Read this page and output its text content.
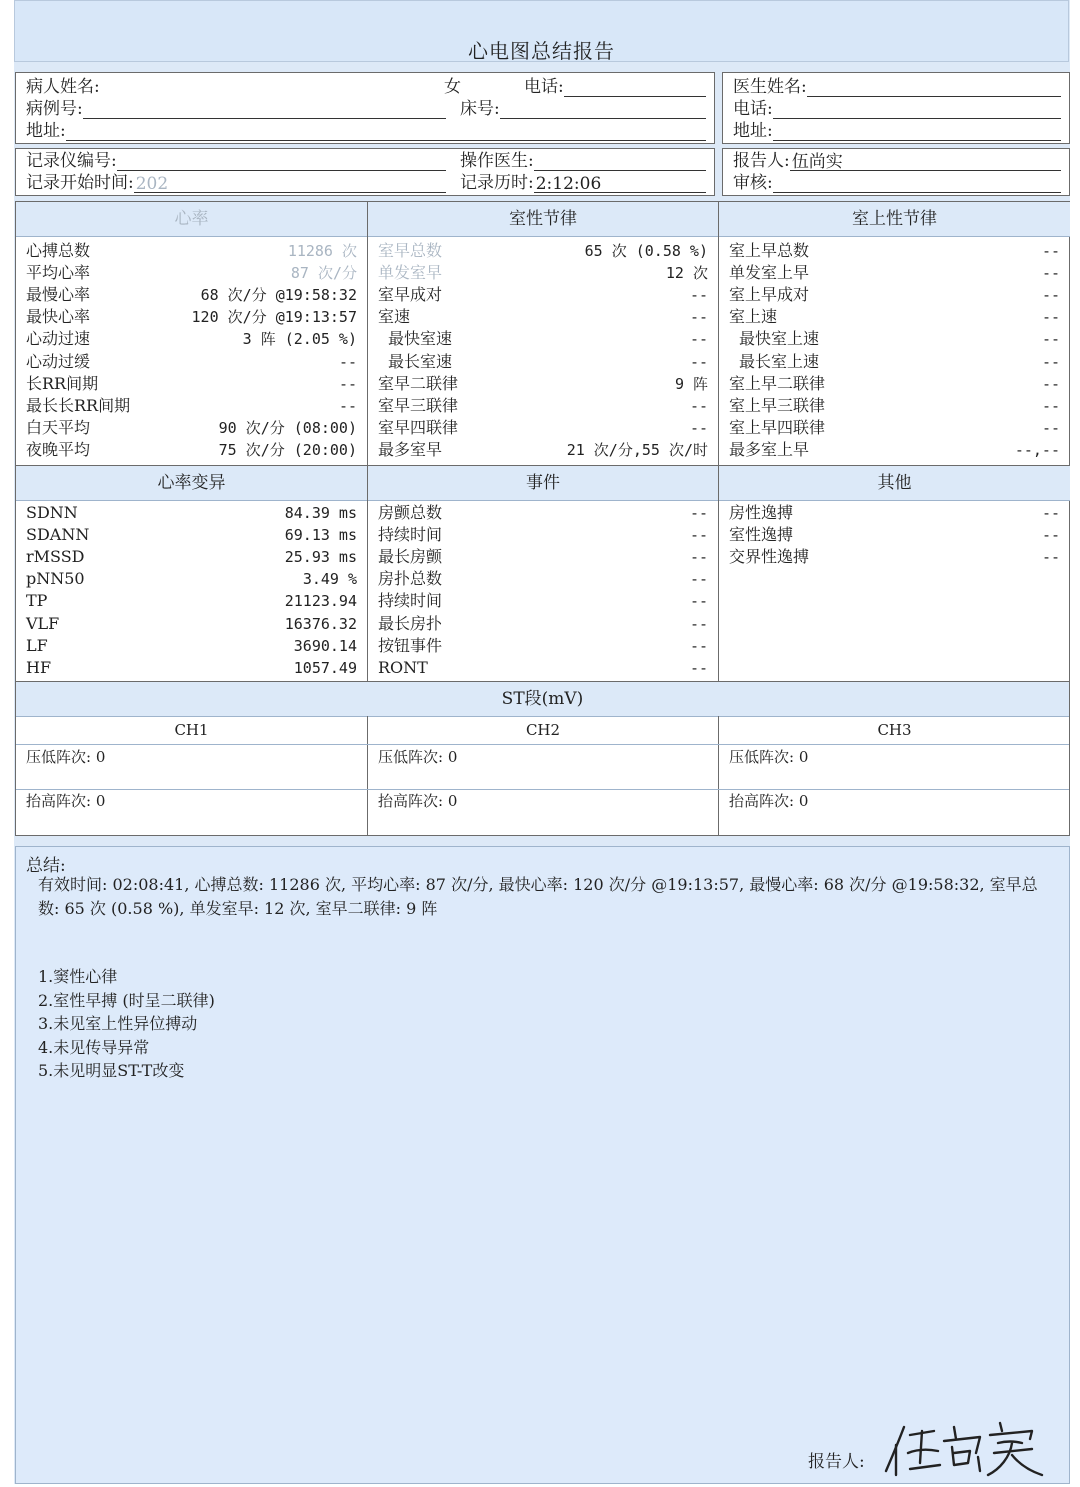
心电图总结报告
病人姓名:	女	电话:
病例号:	床号:
地址:
医生姓名:
电话:
地址:
记录仪编号:	操作医生:
记录开始时间: 202	记录历时: 2:12:06
报告人: 伍尚实
审核:
心率
心搏总数	11286 次
平均心率	87 次/分
最慢心率	68 次/分 @19:58:32
最快心率	120 次/分 @19:13:57
心动过速	3 阵 (2.05 %)
心动过缓	--
长RR间期	--
最长长RR间期	--
白天平均	90 次/分 (08:00)
夜晚平均	75 次/分 (20:00)
室性节律
室早总数	65 次 (0.58 %)
单发室早	12 次
室早成对	--
室速	--
最快室速	--
最长室速	--
室早二联律	9 阵
室早三联律	--
室早四联律	--
最多室早	21 次/分,55 次/时
室上性节律
室上早总数	--
单发室上早	--
室上早成对	--
室上速	--
最快室上速	--
最长室上速	--
室上早二联律	--
室上早三联律	--
室上早四联律	--
最多室上早	--,--
心率变异
SDNN	84.39 ms
SDANN	69.13 ms
rMSSD	25.93 ms
pNN50	3.49 %
TP	21123.94
VLF	16376.32
LF	3690.14
HF	1057.49
事件
房颤总数	--
持续时间	--
最长房颤	--
房扑总数	--
持续时间	--
最长房扑	--
按钮事件	--
RONT	--
其他
房性逸搏	--
室性逸搏	--
交界性逸搏	--
ST段(mV)
CH1	CH2	CH3
压低阵次: 0	压低阵次: 0	压低阵次: 0
抬高阵次: 0	抬高阵次: 0	抬高阵次: 0
总结:
有效时间: 02:08:41, 心搏总数: 11286 次, 平均心率: 87 次/分, 最快心率: 120 次/分 @19:13:57, 最慢心率: 68 次/分 @19:58:32, 室早总数: 65 次 (0.58 %), 单发室早: 12 次, 室早二联律: 9 阵
1.窦性心律
2.室性早搏 (时呈二联律)
3.未见室上性异位搏动
4.未见传导异常
5.未见明显ST-T改变
报告人:
